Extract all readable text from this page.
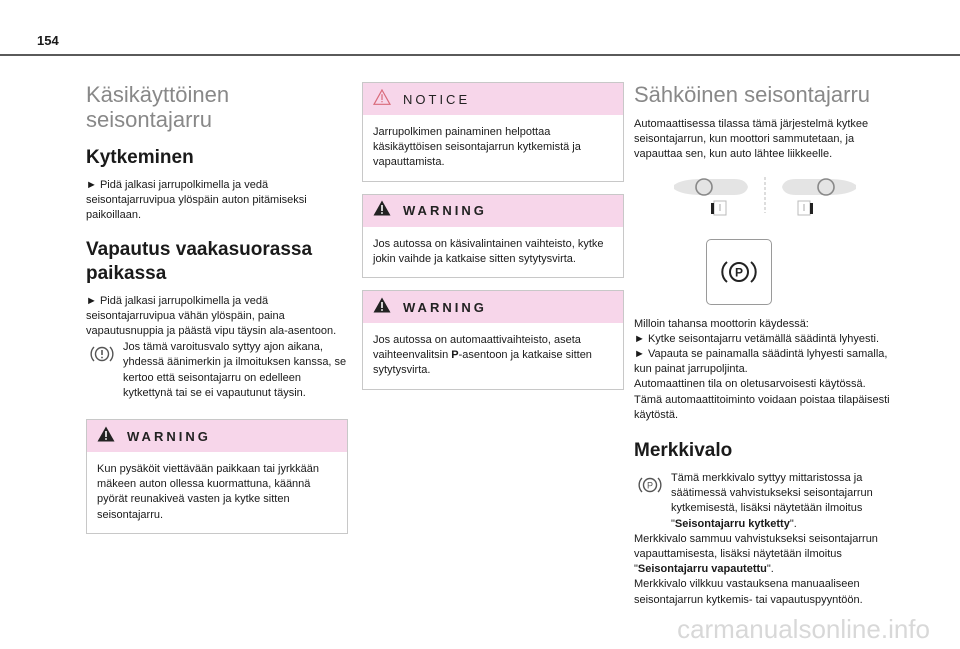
154
Käsikäyttöinen seisontajarru
Kytkeminen

► Pidä jalkasi jarrupolkimella ja vedä seisontajarruvipua ylöspäin auton pitämiseksi paikoillaan.

Vapautus vaakasuorassa paikassa

► Pidä jalkasi jarrupolkimella ja vedä seisontajarruvipua vähän ylöspäin, paina vapautusnuppia ja päästä vipu täysin ala-asentoon.

Jos tämä varoitusvalo syttyy ajon aikana, yhdessä äänimerkin ja ilmoituksen kanssa, se kertoo että seisontajarru on edelleen kytkettynä tai se ei vapautunut täysin.

WARNING

Kun pysäköit viettävään paikkaan tai jyrkkään mäkeen auton ollessa kuormattuna, käännä pyörät reunakiveä vasten ja kytke sitten seisontajarru.

NOTICE

Jarrupolkimen painaminen helpottaa käsikäyttöisen seisontajarrun kytkemistä ja vapauttamista.

WARNING

Jos autossa on käsivalintainen vaihteisto, kytke jokin vaihde ja katkaise sitten sytytysvirta.

WARNING

Jos autossa on automaattivaihteisto, aseta vaihteenvalitsin P-asentoon ja katkaise sitten sytytysvirta.

Sähköinen seisontajarru

Automaattisessa tilassa tämä järjestelmä kytkee seisontajarrun, kun moottori sammutetaan, ja vapauttaa sen, kun auto lähtee liikkeelle.

P

Milloin tahansa moottorin käydessä:

► Kytke seisontajarru vetämällä säädintä lyhyesti.

► Vapauta se painamalla säädintä lyhyesti samalla, kun painat jarrupoljinta.

Automaattinen tila on oletusarvoisesti käytössä. Tämä automaattitoiminto voidaan poistaa tilapäisesti käytöstä.

Merkkivalo
P

Tämä merkkivalo syttyy mittaristossa ja säätimessä vahvistukseksi seisontajarrun kytkemisestä, lisäksi näytetään ilmoitus "Seisontajarru kytketty".

Merkkivalo sammuu vahvistukseksi seisontajarrun vapauttamisesta, lisäksi näytetään ilmoitus "Seisontajarru vapautettu".

Merkkivalo vilkkuu vastauksena manuaaliseen seisontajarrun kytkemis- tai vapautuspyyntöön.

carmanualsonline.info
